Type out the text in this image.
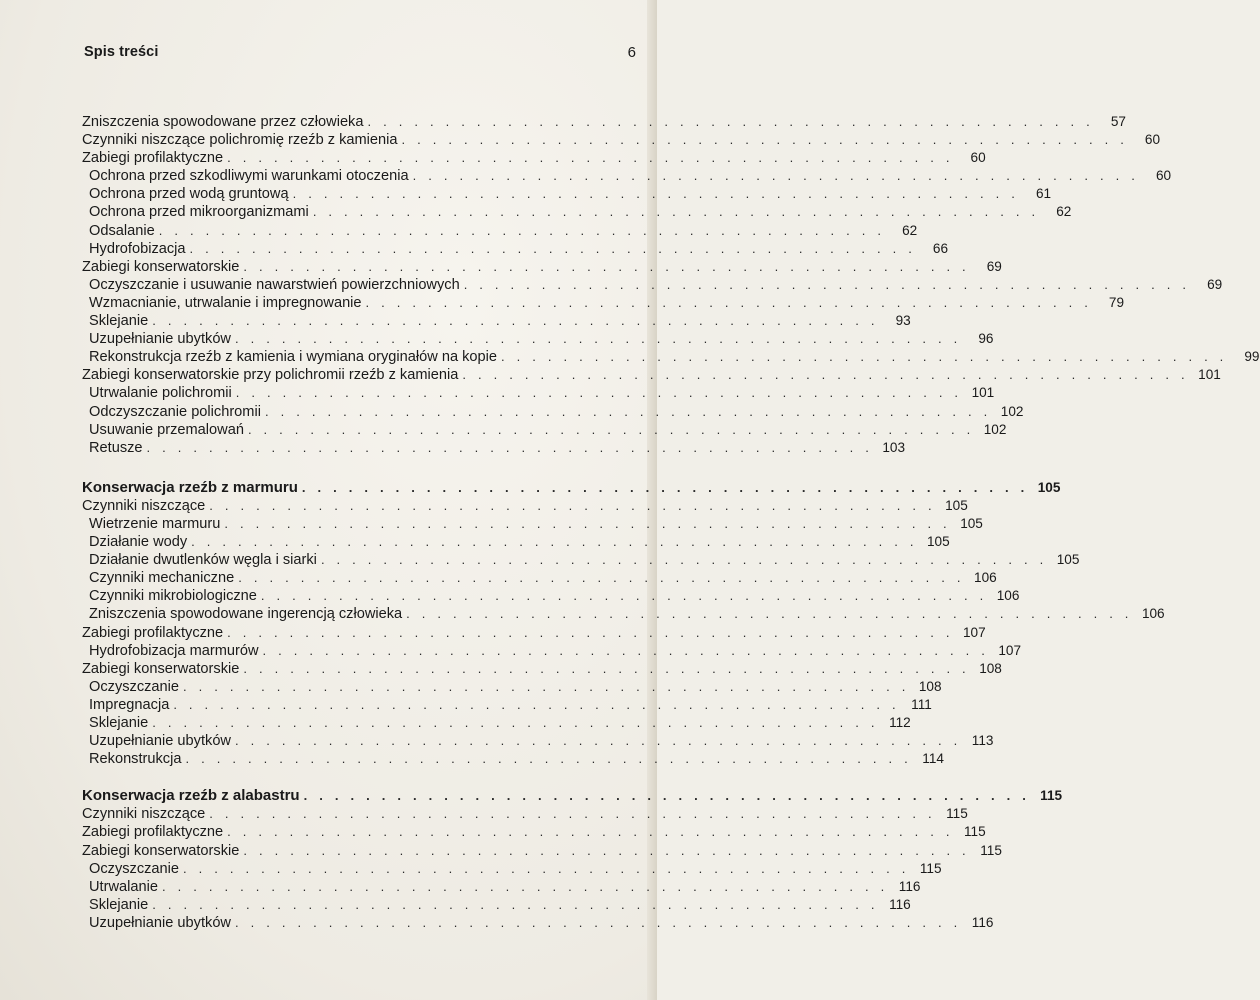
Spis treści	6
Zniszczenia spowodowane przez człowieka . . . . . . . . . . . . . . . . . . . . . . . . . . . . . . . . . . . . . . . . . . . . . . .	57
Czynniki niszczące polichromię rzeźb z kamienia . . . . . . . . . . . . . . . . . . . . . . . . . . . . . . . . . . . . . . . . . . . . . . .	60
Zabiegi profilaktyczne . . . . . . . . . . . . . . . . . . . . . . . . . . . . . . . . . . . . . . . . . . . . . . .	60
Ochrona przed szkodliwymi warunkami otoczenia . . . . . . . . . . . . . . . . . . . . . . . . . . . . . . . . . . . . . . . . . . . . . . .	60
Ochrona przed wodą gruntową . . . . . . . . . . . . . . . . . . . . . . . . . . . . . . . . . . . . . . . . . . . . . . .	61
Ochrona przed mikroorganizmami . . . . . . . . . . . . . . . . . . . . . . . . . . . . . . . . . . . . . . . . . . . . . . .	62
Odsalanie . . . . . . . . . . . . . . . . . . . . . . . . . . . . . . . . . . . . . . . . . . . . . . .	62
Hydrofobizacja . . . . . . . . . . . . . . . . . . . . . . . . . . . . . . . . . . . . . . . . . . . . . . .	66
Zabiegi konserwatorskie . . . . . . . . . . . . . . . . . . . . . . . . . . . . . . . . . . . . . . . . . . . . . . .	69
Oczyszczanie i usuwanie nawarstwień powierzchniowych . . . . . . . . . . . . . . . . . . . . . . . . . . . . . . . . . . . . . . . . . . . . . . .	69
Wzmacnianie, utrwalanie i impregnowanie . . . . . . . . . . . . . . . . . . . . . . . . . . . . . . . . . . . . . . . . . . . . . . .	79
Sklejanie . . . . . . . . . . . . . . . . . . . . . . . . . . . . . . . . . . . . . . . . . . . . . . .	93
Uzupełnianie ubytków . . . . . . . . . . . . . . . . . . . . . . . . . . . . . . . . . . . . . . . . . . . . . . .	96
Rekonstrukcja rzeźb z kamienia i wymiana oryginałów na kopie . . . . . . . . . . . . . . . . . . . . . . . . . . . . . . . . . . . . . . . . . . . . . . .	99
Zabiegi konserwatorskie przy polichromii rzeźb z kamienia . . . . . . . . . . . . . . . . . . . . . . . . . . . . . . . . . . . . . . . . . . . . . . . 101
Utrwalanie polichromii . . . . . . . . . . . . . . . . . . . . . . . . . . . . . . . . . . . . . . . . . . . . . . . 101
Odczyszczanie polichromii . . . . . . . . . . . . . . . . . . . . . . . . . . . . . . . . . . . . . . . . . . . . . . . 102
Usuwanie przemalowań . . . . . . . . . . . . . . . . . . . . . . . . . . . . . . . . . . . . . . . . . . . . . . . 102
Retusze . . . . . . . . . . . . . . . . . . . . . . . . . . . . . . . . . . . . . . . . . . . . . . . 103
Konserwacja rzeźb z marmuru . . . . . . . . . . . . . . . . . . . . . . . . . . . . . . . . . . . . . . . . . . . . . . . 105
Czynniki niszczące . . . . . . . . . . . . . . . . . . . . . . . . . . . . . . . . . . . . . . . . . . . . . . . 105
Wietrzenie marmuru . . . . . . . . . . . . . . . . . . . . . . . . . . . . . . . . . . . . . . . . . . . . . . . 105
Działanie wody . . . . . . . . . . . . . . . . . . . . . . . . . . . . . . . . . . . . . . . . . . . . . . . 105
Działanie dwutlenków węgla i siarki . . . . . . . . . . . . . . . . . . . . . . . . . . . . . . . . . . . . . . . . . . . . . . . 105
Czynniki mechaniczne . . . . . . . . . . . . . . . . . . . . . . . . . . . . . . . . . . . . . . . . . . . . . . . 106
Czynniki mikrobiologiczne . . . . . . . . . . . . . . . . . . . . . . . . . . . . . . . . . . . . . . . . . . . . . . . 106
Zniszczenia spowodowane ingerencją człowieka . . . . . . . . . . . . . . . . . . . . . . . . . . . . . . . . . . . . . . . . . . . . . . . 106
Zabiegi profilaktyczne . . . . . . . . . . . . . . . . . . . . . . . . . . . . . . . . . . . . . . . . . . . . . . . 107
Hydrofobizacja marmurów . . . . . . . . . . . . . . . . . . . . . . . . . . . . . . . . . . . . . . . . . . . . . . . 107
Zabiegi konserwatorskie . . . . . . . . . . . . . . . . . . . . . . . . . . . . . . . . . . . . . . . . . . . . . . . 108
Oczyszczanie . . . . . . . . . . . . . . . . . . . . . . . . . . . . . . . . . . . . . . . . . . . . . . . 108
Impregnacja . . . . . . . . . . . . . . . . . . . . . . . . . . . . . . . . . . . . . . . . . . . . . . . 111
Sklejanie . . . . . . . . . . . . . . . . . . . . . . . . . . . . . . . . . . . . . . . . . . . . . . . 112
Uzupełnianie ubytków . . . . . . . . . . . . . . . . . . . . . . . . . . . . . . . . . . . . . . . . . . . . . . . 113
Rekonstrukcja . . . . . . . . . . . . . . . . . . . . . . . . . . . . . . . . . . . . . . . . . . . . . . . 114
Konserwacja rzeźb z alabastru . . . . . . . . . . . . . . . . . . . . . . . . . . . . . . . . . . . . . . . . . . . . . . . 115
Czynniki niszczące . . . . . . . . . . . . . . . . . . . . . . . . . . . . . . . . . . . . . . . . . . . . . . . 115
Zabiegi profilaktyczne . . . . . . . . . . . . . . . . . . . . . . . . . . . . . . . . . . . . . . . . . . . . . . . 115
Zabiegi konserwatorskie . . . . . . . . . . . . . . . . . . . . . . . . . . . . . . . . . . . . . . . . . . . . . . . 115
Oczyszczanie . . . . . . . . . . . . . . . . . . . . . . . . . . . . . . . . . . . . . . . . . . . . . . . 115
Utrwalanie . . . . . . . . . . . . . . . . . . . . . . . . . . . . . . . . . . . . . . . . . . . . . . . 116
Sklejanie . . . . . . . . . . . . . . . . . . . . . . . . . . . . . . . . . . . . . . . . . . . . . . . 116
Uzupełnianie ubytków . . . . . . . . . . . . . . . . . . . . . . . . . . . . . . . . . . . . . . . . . . . . . . . 116
